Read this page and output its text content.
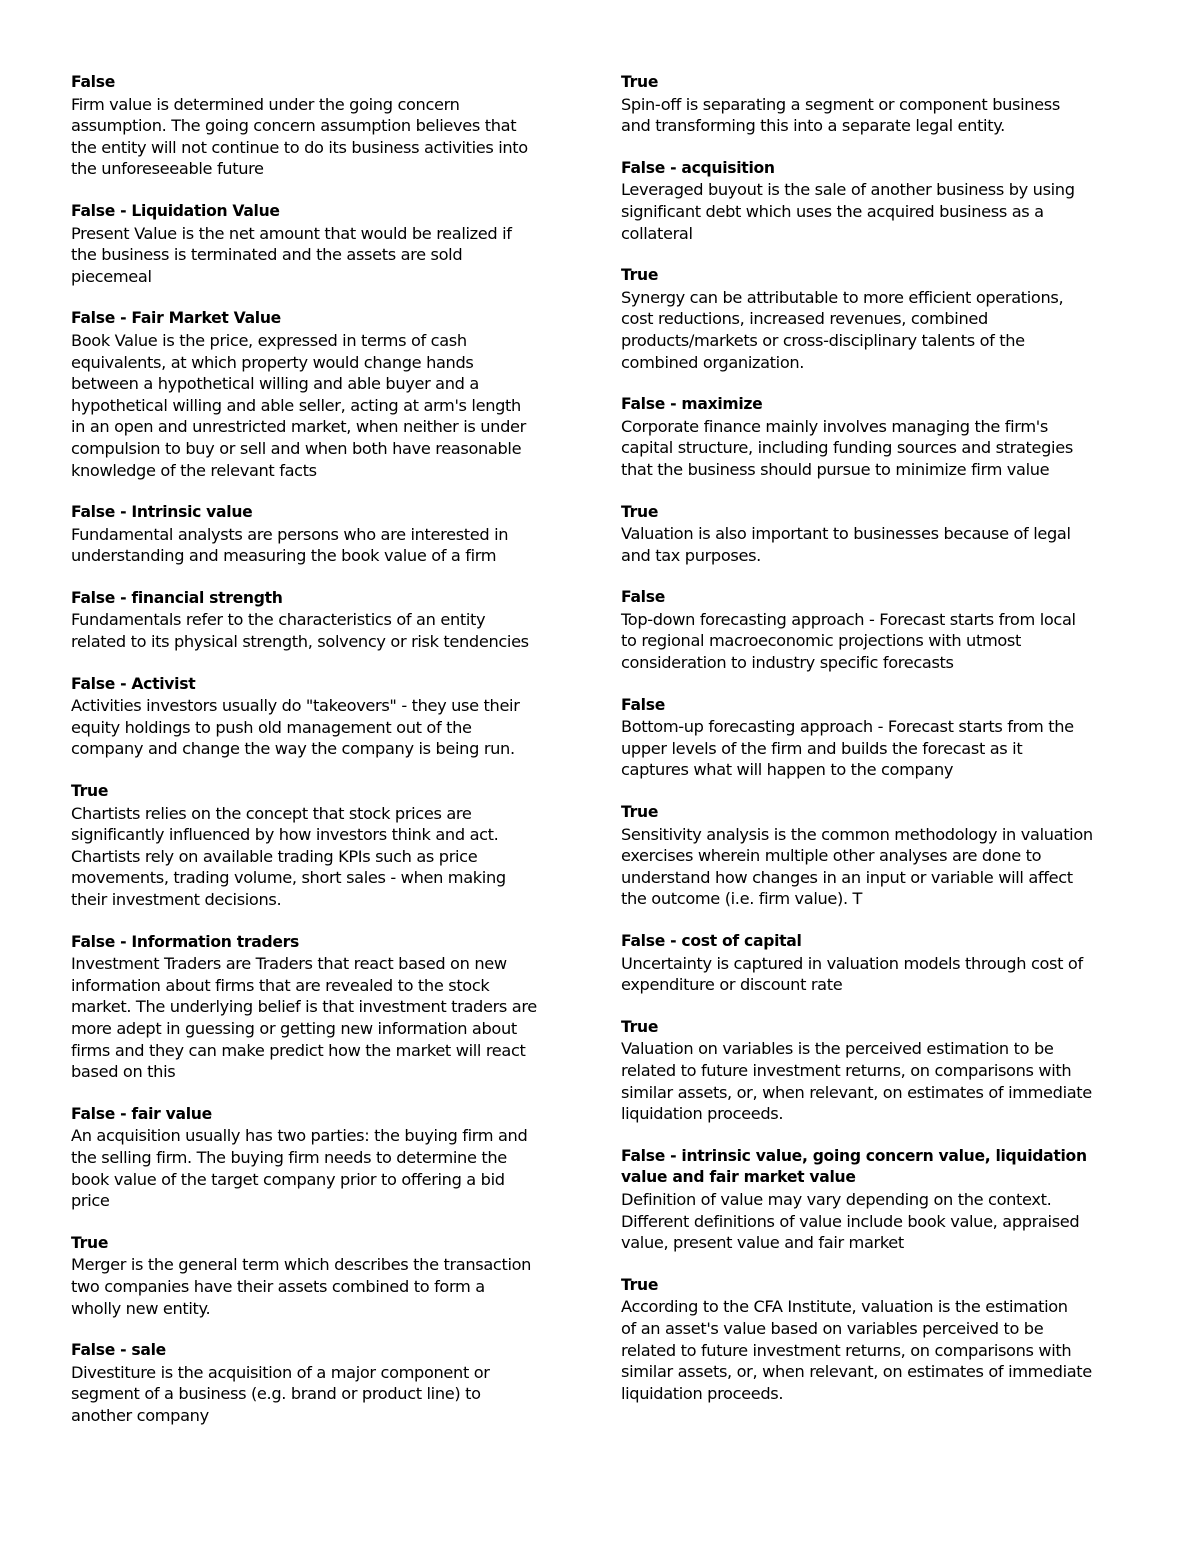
False
Firm value is determined under the going concern
assumption. The going concern assumption believes that
the entity will not continue to do its business activities into
the unforeseeable future
False - Liquidation Value
Present Value is the net amount that would be realized if
the business is terminated and the assets are sold
piecemeal
False - Fair Market Value
Book Value is the price, expressed in terms of cash
equivalents, at which property would change hands
between a hypothetical willing and able buyer and a
hypothetical willing and able seller, acting at arm's length
in an open and unrestricted market, when neither is under
compulsion to buy or sell and when both have reasonable
knowledge of the relevant facts
False - Intrinsic value
Fundamental analysts are persons who are interested in
understanding and measuring the book value of a firm
False - financial strength
Fundamentals refer to the characteristics of an entity
related to its physical strength, solvency or risk tendencies
False - Activist
Activities investors usually do "takeovers" - they use their
equity holdings to push old management out of the
company and change the way the company is being run.
True
Chartists relies on the concept that stock prices are
significantly influenced by how investors think and act.
Chartists rely on available trading KPIs such as price
movements, trading volume, short sales - when making
their investment decisions.
False - Information traders
Investment Traders are Traders that react based on new
information about firms that are revealed to the stock
market. The underlying belief is that investment traders are
more adept in guessing or getting new information about
firms and they can make predict how the market will react
based on this
False - fair value
An acquisition usually has two parties: the buying firm and
the selling firm. The buying firm needs to determine the
book value of the target company prior to offering a bid
price
True
Merger is the general term which describes the transaction
two companies have their assets combined to form a
wholly new entity.
False - sale
Divestiture is the acquisition of a major component or
segment of a business (e.g. brand or product line) to
another company
True
Spin-off is separating a segment or component business
and transforming this into a separate legal entity.
False - acquisition
Leveraged buyout is the sale of another business by using
significant debt which uses the acquired business as a
collateral
True
Synergy can be attributable to more efficient operations,
cost reductions, increased revenues, combined
products/markets or cross-disciplinary talents of the
combined organization.
False - maximize
Corporate finance mainly involves managing the firm's
capital structure, including funding sources and strategies
that the business should pursue to minimize firm value
True
Valuation is also important to businesses because of legal
and tax purposes.
False
Top-down forecasting approach - Forecast starts from local
to regional macroeconomic projections with utmost
consideration to industry specific forecasts
False
Bottom-up forecasting approach - Forecast starts from the
upper levels of the firm and builds the forecast as it
captures what will happen to the company
True
Sensitivity analysis is the common methodology in valuation
exercises wherein multiple other analyses are done to
understand how changes in an input or variable will affect
the outcome (i.e. firm value). T
False - cost of capital
Uncertainty is captured in valuation models through cost of
expenditure or discount rate
True
Valuation on variables is the perceived estimation to be
related to future investment returns, on comparisons with
similar assets, or, when relevant, on estimates of immediate
liquidation proceeds.
False - intrinsic value, going concern value, liquidation
value and fair market value
Definition of value may vary depending on the context.
Different definitions of value include book value, appraised
value, present value and fair market
True
According to the CFA Institute, valuation is the estimation
of an asset's value based on variables perceived to be
related to future investment returns, on comparisons with
similar assets, or, when relevant, on estimates of immediate
liquidation proceeds.
